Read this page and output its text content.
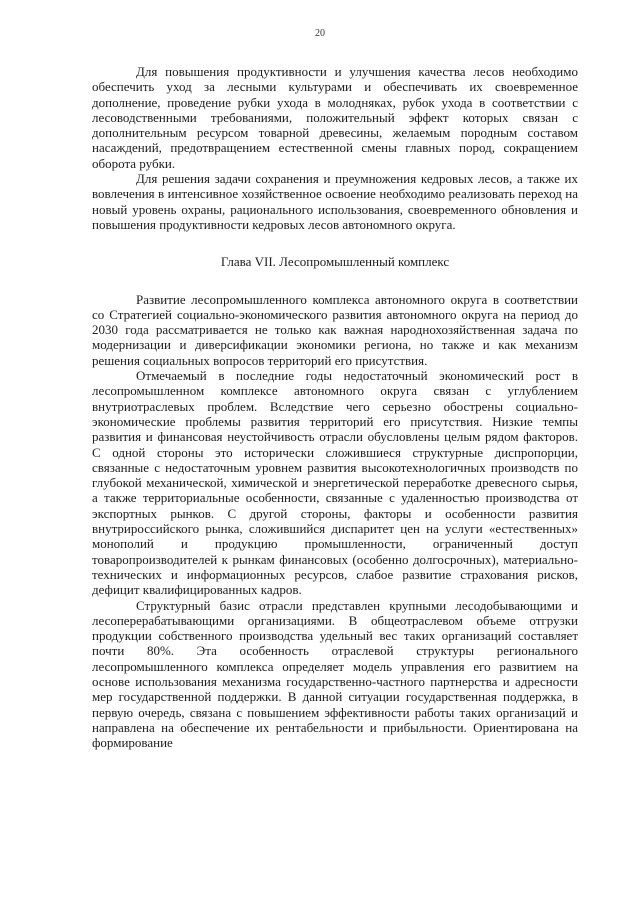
20

Для повышения продуктивности и улучшения качества лесов необходимо обеспечить уход за лесными культурами и обеспечивать их своевременное дополнение, проведение рубки ухода в молодняках, рубок ухода в соответствии с лесоводственными требованиями, положительный эффект которых связан с дополнительным ресурсом товарной древесины, желаемым породным составом насаждений, предотвращением естественной смены главных пород, сокращением оборота рубки.

Для решения задачи сохранения и преумножения кедровых лесов, а также их вовлечения в интенсивное хозяйственное освоение необходимо реализовать переход на новый уровень охраны, рационального использования, своевременного обновления и повышения продуктивности кедровых лесов автономного округа.

Глава VII. Лесопромышленный комплекс

Развитие лесопромышленного комплекса автономного округа в соответствии со Стратегией социально-экономического развития автономного округа на период до 2030 года рассматривается не только как важная народнохозяйственная задача по модернизации и диверсификации экономики региона, но также и как механизм решения социальных вопросов территорий его присутствия.

Отмечаемый в последние годы недостаточный экономический рост в лесопромышленном комплексе автономного округа связан с углублением внутриотраслевых проблем. Вследствие чего серьезно обострены социально-экономические проблемы развития территорий его присутствия. Низкие темпы развития и финансовая неустойчивость отрасли обусловлены целым рядом факторов. С одной стороны это исторически сложившиеся структурные диспропорции, связанные с недостаточным уровнем развития высокотехнологичных производств по глубокой механической, химической и энергетической переработке древесного сырья, а также территориальные особенности, связанные с удаленностью производства от экспортных рынков. С другой стороны, факторы и особенности развития внутрироссийского рынка, сложившийся диспаритет цен на услуги «естественных» монополий и продукцию промышленности, ограниченный доступ товаропроизводителей к рынкам финансовых (особенно долгосрочных), материально-технических и информационных ресурсов, слабое развитие страхования рисков, дефицит квалифицированных кадров.

Структурный базис отрасли представлен крупными лесодобывающими и лесоперерабатывающими организациями. В общеотраслевом объеме отгрузки продукции собственного производства удельный вес таких организаций составляет почти 80%. Эта особенность отраслевой структуры регионального лесопромышленного комплекса определяет модель управления его развитием на основе использования механизма государственно-частного партнерства и адресности мер государственной поддержки. В данной ситуации государственная поддержка, в первую очередь, связана с повышением эффективности работы таких организаций и направлена на обеспечение их рентабельности и прибыльности. Ориентирована на формирование
